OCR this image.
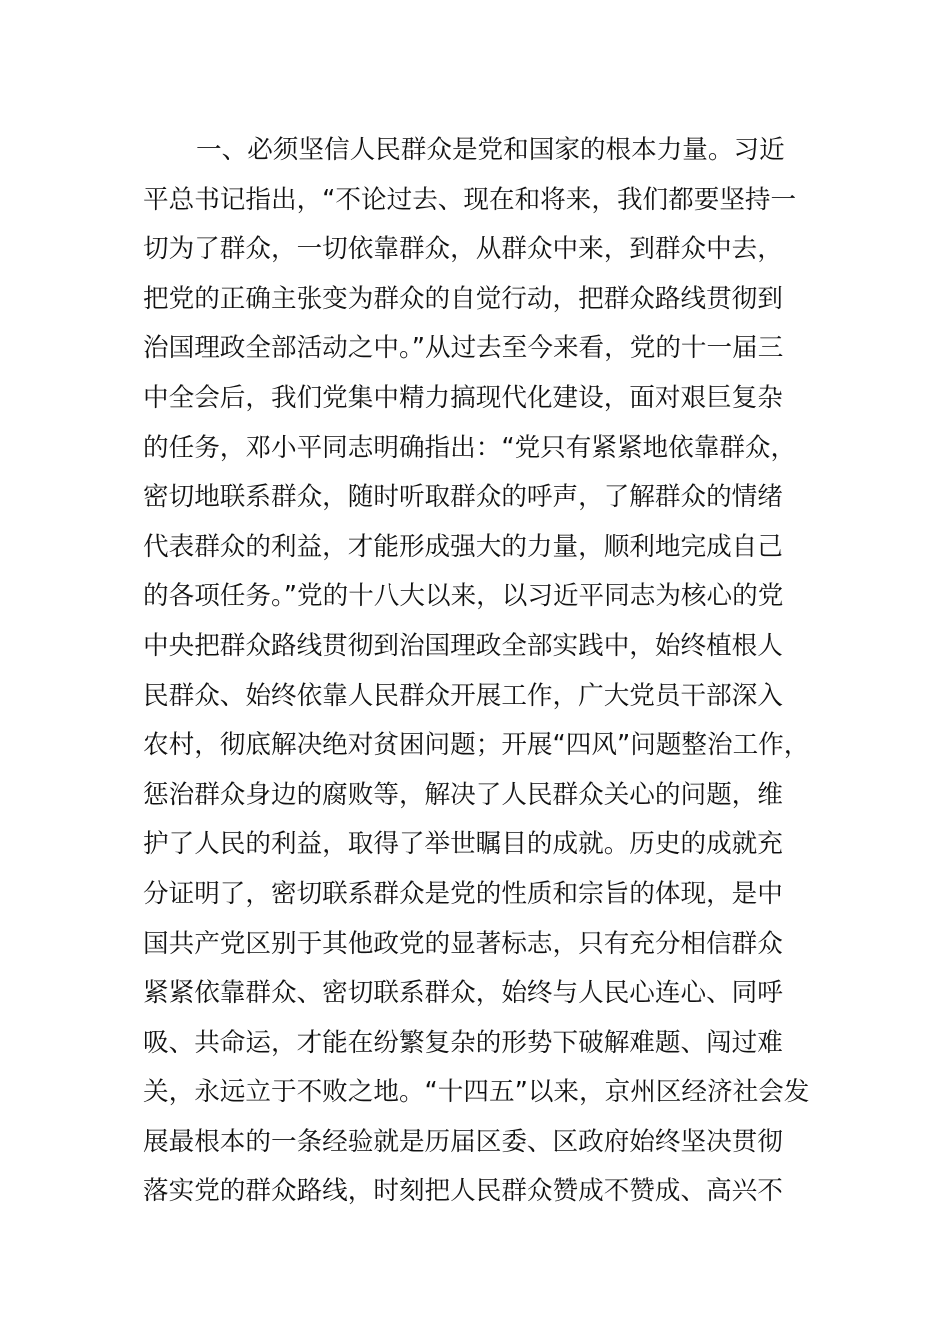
一、必须坚信人民群众是党和国家的根本力量。习近
平总书记指出，“不论过去、现在和将来，我们都要坚持一
切为了群众，一切依靠群众，从群众中来，到群众中去，
把党的正确主张变为群众的自觉行动，把群众路线贯彻到
治国理政全部活动之中。”从过去至今来看，党的十一届三
中全会后，我们党集中精力搞现代化建设，面对艰巨复杂
的任务，邓小平同志明确指出：“党只有紧紧地依靠群众，
密切地联系群众，随时听取群众的呼声，了解群众的情绪
代表群众的利益，才能形成强大的力量，顺利地完成自己
的各项任务。”党的十八大以来，以习近平同志为核心的党
中央把群众路线贯彻到治国理政全部实践中，始终植根人
民群众、始终依靠人民群众开展工作，广大党员干部深入
农村，彻底解决绝对贫困问题；开展“四风”问题整治工作，
惩治群众身边的腐败等，解决了人民群众关心的问题，维
护了人民的利益，取得了举世瞩目的成就。历史的成就充
分证明了，密切联系群众是党的性质和宗旨的体现，是中
国共产党区别于其他政党的显著标志，只有充分相信群众
紧紧依靠群众、密切联系群众，始终与人民心连心、同呼
吸、共命运，才能在纷繁复杂的形势下破解难题、闯过难
关，永远立于不败之地。“十四五”以来，京州区经济社会发
展最根本的一条经验就是历届区委、区政府始终坚决贯彻
落实党的群众路线，时刻把人民群众赞成不赞成、高兴不
